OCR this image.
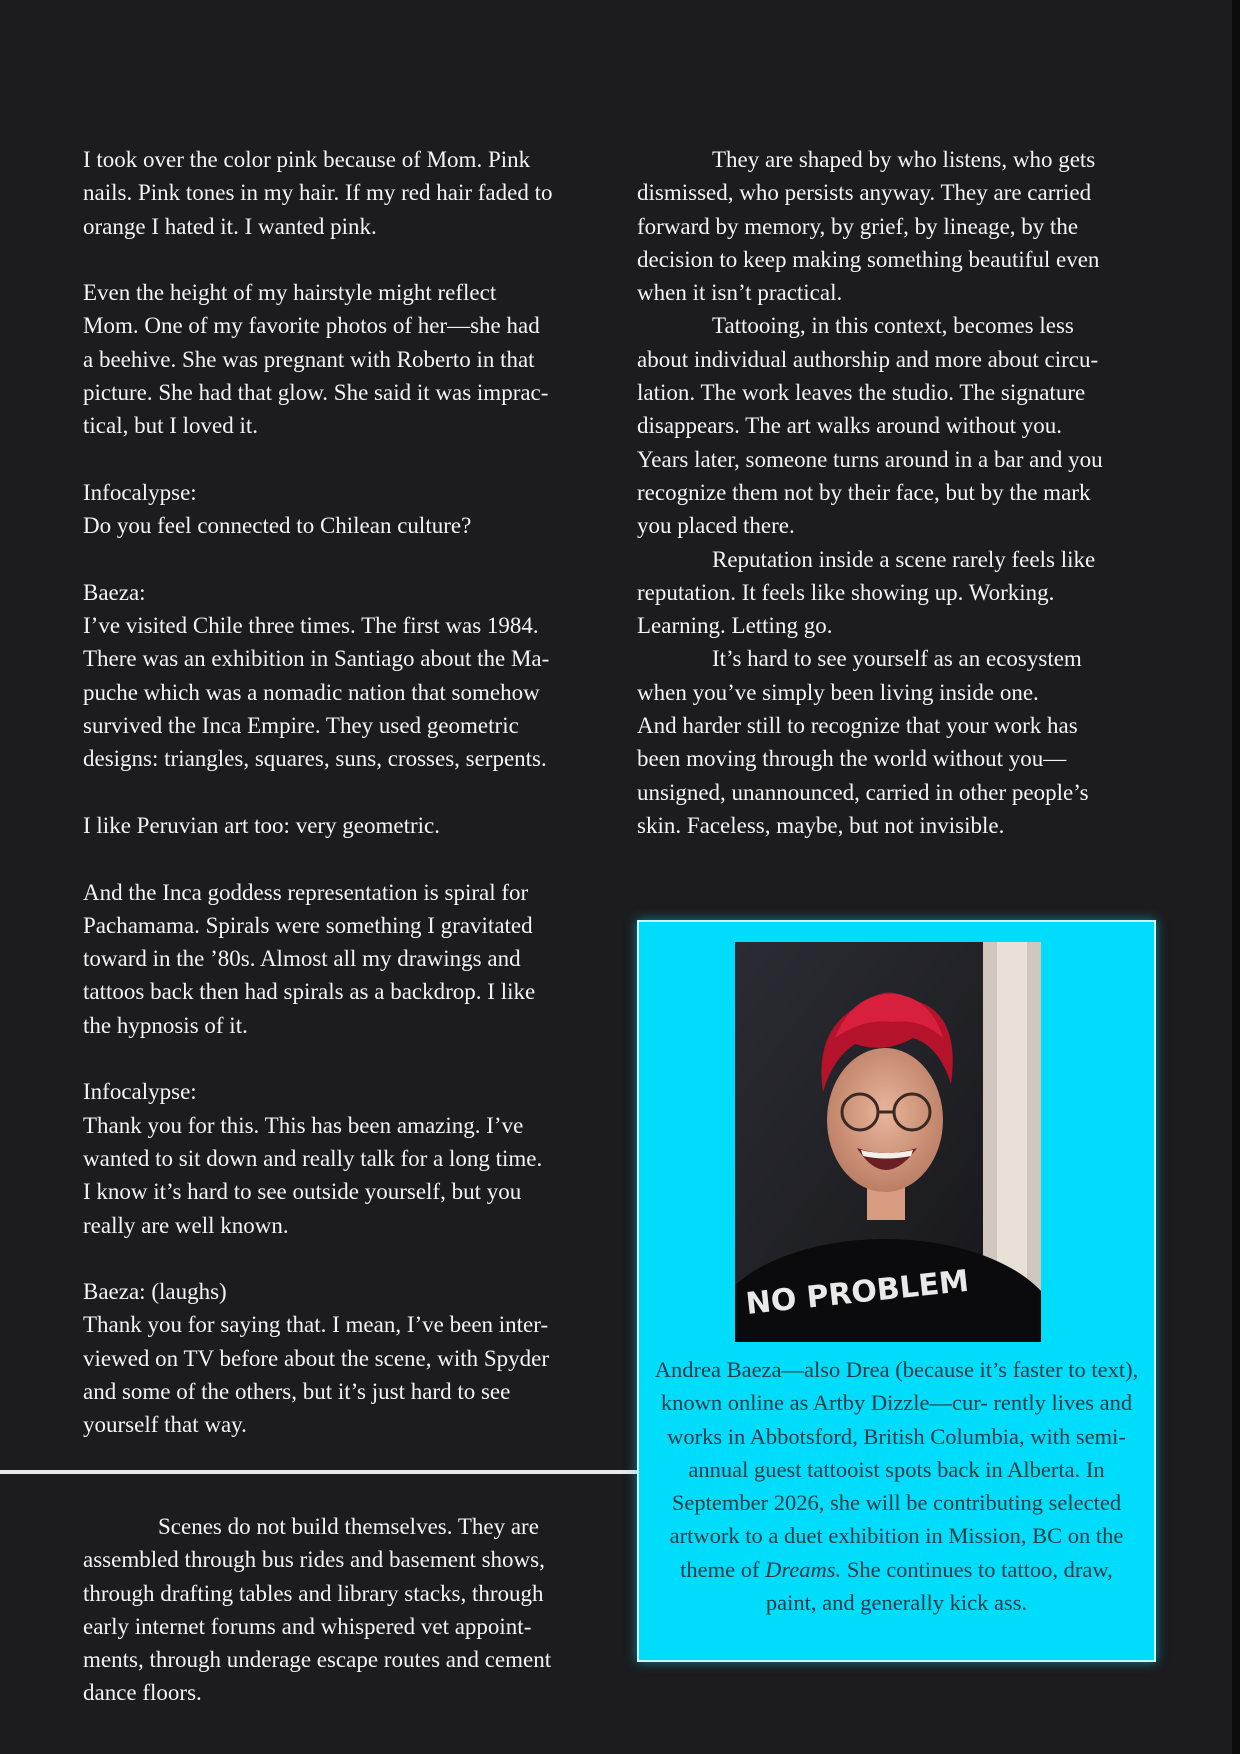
I took over the color pink because of Mom. Pink
nails. Pink tones in my hair. If my red hair faded to
orange I hated it. I wanted pink.

Even the height of my hairstyle might reflect
Mom. One of my favorite photos of her—she had
a beehive. She was pregnant with Roberto in that
picture. She had that glow. She said it was imprac-
tical, but I loved it.

Infocalypse:
Do you feel connected to Chilean culture?

Baeza:
I’ve visited Chile three times. The first was 1984.
There was an exhibition in Santiago about the Ma-
puche which was a nomadic nation that somehow
survived the Inca Empire. They used geometric
designs: triangles, squares, suns, crosses, serpents.

I like Peruvian art too: very geometric.

And the Inca goddess representation is spiral for
Pachamama. Spirals were something I gravitated
toward in the ’80s. Almost all my drawings and
tattoos back then had spirals as a backdrop. I like
the hypnosis of it.

Infocalypse:
Thank you for this. This has been amazing. I’ve
wanted to sit down and really talk for a long time.
I know it’s hard to see outside yourself, but you
really are well known.

Baeza: (laughs)
Thank you for saying that. I mean, I’ve been inter-
viewed on TV before about the scene, with Spyder
and some of the others, but it’s just hard to see
yourself that way.

They are shaped by who listens, who gets
dismissed, who persists anyway. They are carried
forward by memory, by grief, by lineage, by the
decision to keep making something beautiful even
when it isn’t practical.

Tattooing, in this context, becomes less
about individual authorship and more about circu-
lation. The work leaves the studio. The signature
disappears. The art walks around without you.
Years later, someone turns around in a bar and you
recognize them not by their face, but by the mark
you placed there.

Reputation inside a scene rarely feels like
reputation. It feels like showing up. Working.
Learning. Letting go.

It’s hard to see yourself as an ecosystem
when you’ve simply been living inside one.
And harder still to recognize that your work has
been moving through the world without you—
unsigned, unannounced, carried in other people’s
skin. Faceless, maybe, but not invisible.

Scenes do not build themselves. They are
assembled through bus rides and basement shows,
through drafting tables and library stacks, through
early internet forums and whispered vet appoint-
ments, through underage escape routes and cement
dance floors.

NO PROBLEM

Andrea Baeza—also Drea (because it’s faster to text), known online as Artby Dizzle—cur- rently lives and works in Abbotsford, British Columbia, with semi-annual guest tattooist spots back in Alberta. In September 2026, she will be contributing selected artwork to a duet exhibition in Mission, BC on the theme of Dreams. She continues to tattoo, draw, paint, and generally kick ass.
